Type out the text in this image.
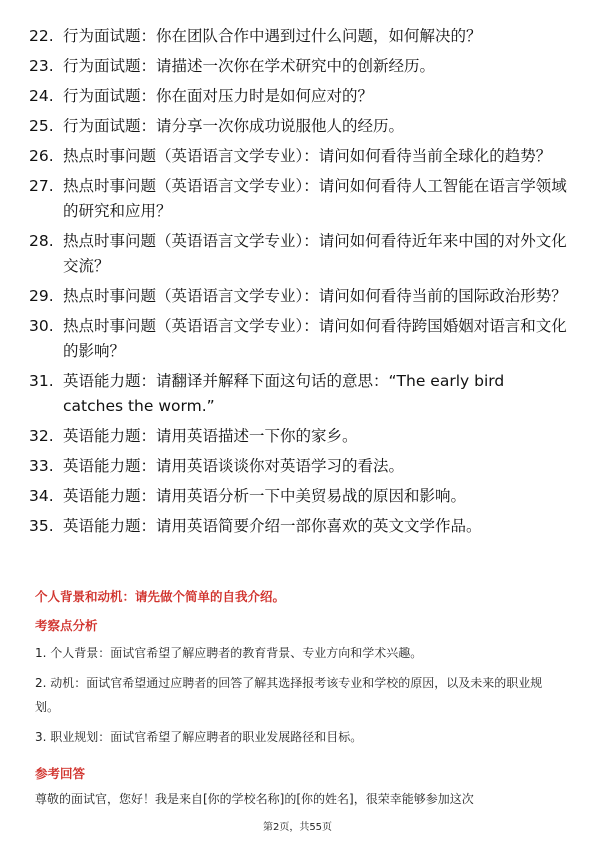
22. 行为面试题：你在团队合作中遇到过什么问题，如何解决的？
23. 行为面试题：请描述一次你在学术研究中的创新经历。
24. 行为面试题：你在面对压力时是如何应对的？
25. 行为面试题：请分享一次你成功说服他人的经历。
26. 热点时事问题（英语语言文学专业）：请问如何看待当前全球化的趋势？
27. 热点时事问题（英语语言文学专业）：请问如何看待人工智能在语言学领域的研究和应用？
28. 热点时事问题（英语语言文学专业）：请问如何看待近年来中国的对外文化交流？
29. 热点时事问题（英语语言文学专业）：请问如何看待当前的国际政治形势？
30. 热点时事问题（英语语言文学专业）：请问如何看待跨国婚姻对语言和文化的影响？
31. 英语能力题：请翻译并解释下面这句话的意思：“The early bird catches the worm.”
32. 英语能力题：请用英语描述一下你的家乡。
33. 英语能力题：请用英语谈谈你对英语学习的看法。
34. 英语能力题：请用英语分析一下中美贸易战的原因和影响。
35. 英语能力题：请用英语简要介绍一部你喜欢的英文文学作品。
个人背景和动机：请先做个简单的自我介绍。
考察点分析
1. 个人背景：面试官希望了解应聘者的教育背景、专业方向和学术兴趣。
2. 动机：面试官希望通过应聘者的回答了解其选择报考该专业和学校的原因，以及未来的职业规划。
3. 职业规划：面试官希望了解应聘者的职业发展路径和目标。
参考回答
尊敬的面试官，您好！我是来自[你的学校名称]的[你的姓名]，很荣幸能够参加这次
第2页，共55页
